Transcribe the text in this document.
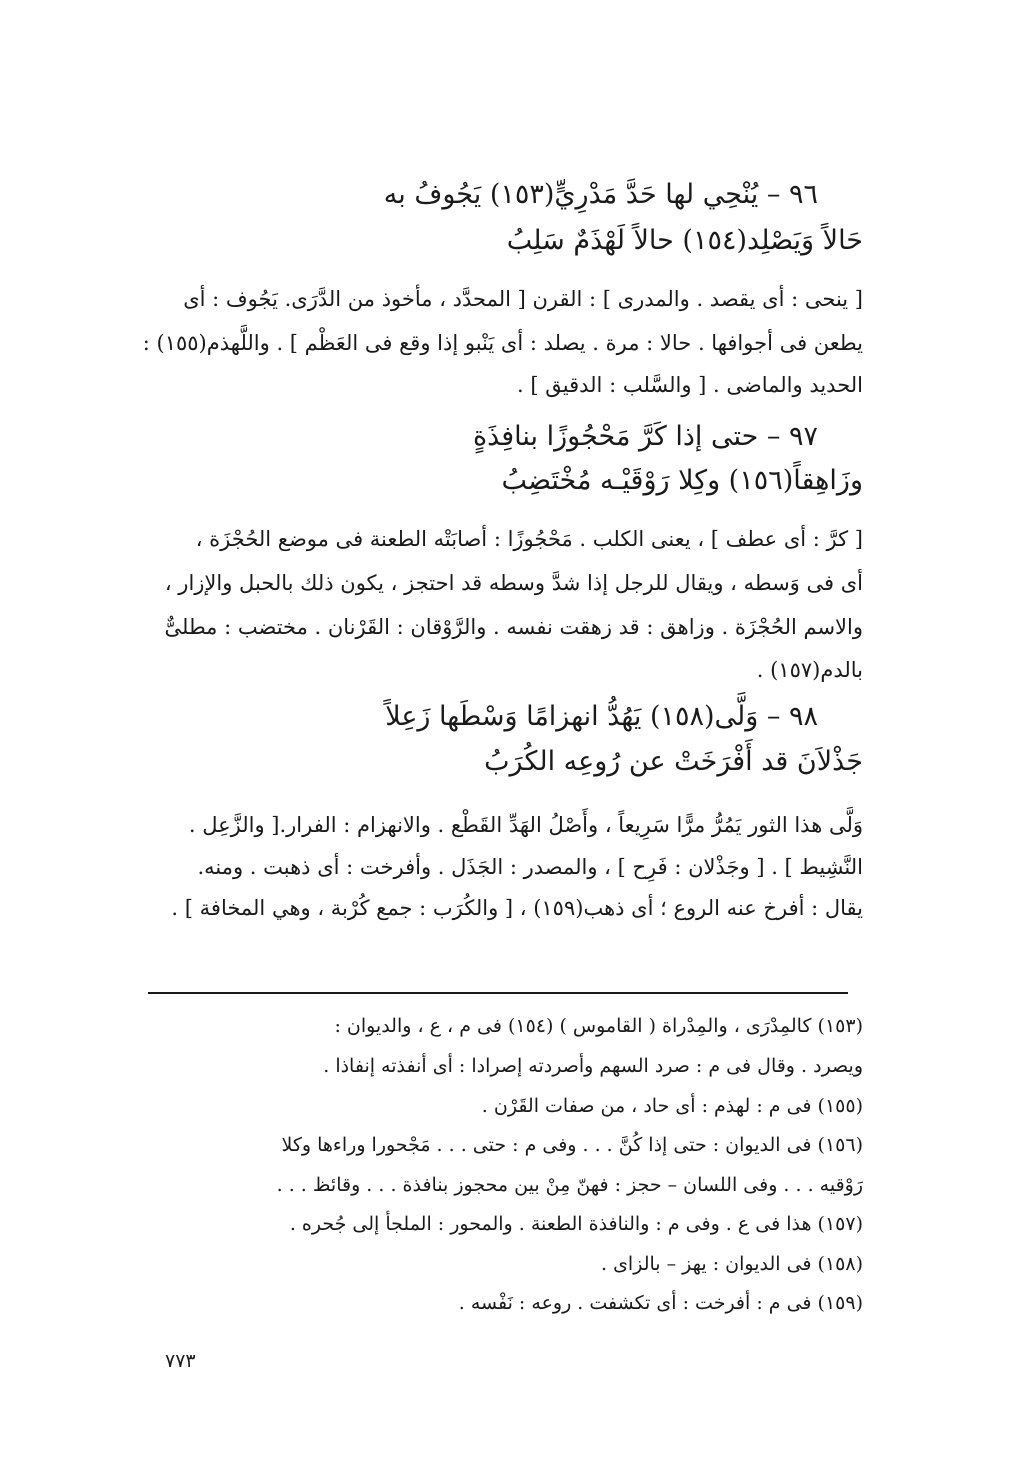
٩٦ – يُنْحِي لها حَدَّ مَدْرِيٍّ(١٥٣) يَجُوفُ به

حَالاً وَيَصْلِد(١٥٤) حالاً لَهْذَمٌ سَلِبُ

[ ينحى : أى يقصد . والمدرى ] : القرن [ المحدَّد ، مأخوذ من الدَّرَى. يَجُوف : أى

يطعن فى أجوافها . حالا : مرة . يصلد : أى يَنْبو إذا وقع فى العَظْم ] . واللَّهذم(١٥٥) :

الحديد والماضى . [ والسَّلب : الدقيق ] .

٩٧ – حتى إذا كَرَّ مَحْجُوزًا بنافِذَةٍ

وزَاهِقاً(١٥٦) وكِلا رَوْقَيْـه مُخْتَضِبُ

[ كرَّ : أى عطف ] ، يعنى الكلب . مَحْجُوزًا : أصابَتْه الطعنة فى موضع الحُجْزَة ،

أى فى وَسطه ، ويقال للرجل إذا شدَّ وسطه قد احتجز ، يكون ذلك بالحبل والإزار ،

والاسم الحُجْزَة . وزاهق : قد زهقت نفسه . والرَّوْقان : القَرْنان . مختضب : مطلىٌّ

بالدم(١٥٧) .

٩٨ – وَلَّى(١٥٨) يَهُدُّ انهزامًا وَسْطَها زَعِلاً

جَذْلاَنَ قد أَفْرَخَتْ عن رُوعِه الكُرَبُ

وَلَّى هذا الثور يَمُرُّ مرًّا سَرِيعاً ، وأَصْلُ الهَدِّ القَطْع . والانهزام : الفرار.[ والزَّعِل .

النَّشِيط ] . [ وجَذْلان : فَرِح ] ، والمصدر : الجَذَل . وأفرخت : أى ذهبت . ومنه.

يقال : أفرخ عنه الروع ؛ أى ذهب(١٥٩) ، [ والكُرَب : جمع كُرْبة ، وهي المخافة ] .

(١٥٣) كالمِدْرَى ، والمِدْراة ( القاموس ) (١٥٤) فى م ، ع ، والديوان :

ويصرد . وقال فى م : صرد السهم وأصردته إصرادا : أى أنفذته إنفاذا .

(١٥٥) فى م : لهذم : أى حاد ، من صفات القَرْن .

(١٥٦) فى الديوان : حتى إذا كُنَّ . . . وفى م : حتى . . . مَجْحورا وراءها وكلا

رَوْقيه . . . وفى اللسان – حجز : فهنّ مِنْ بين محجوز بنافذة . . . وقائظ . . .

(١٥٧) هذا فى ع . وفى م : والنافذة الطعنة . والمحور : الملجأ إلى جُحره .

(١٥٨) فى الديوان : يهز – بالزاى .

(١٥٩) فى م : أفرخت : أى تكشفت . روعه : نَفْسه .

٧٧٣
